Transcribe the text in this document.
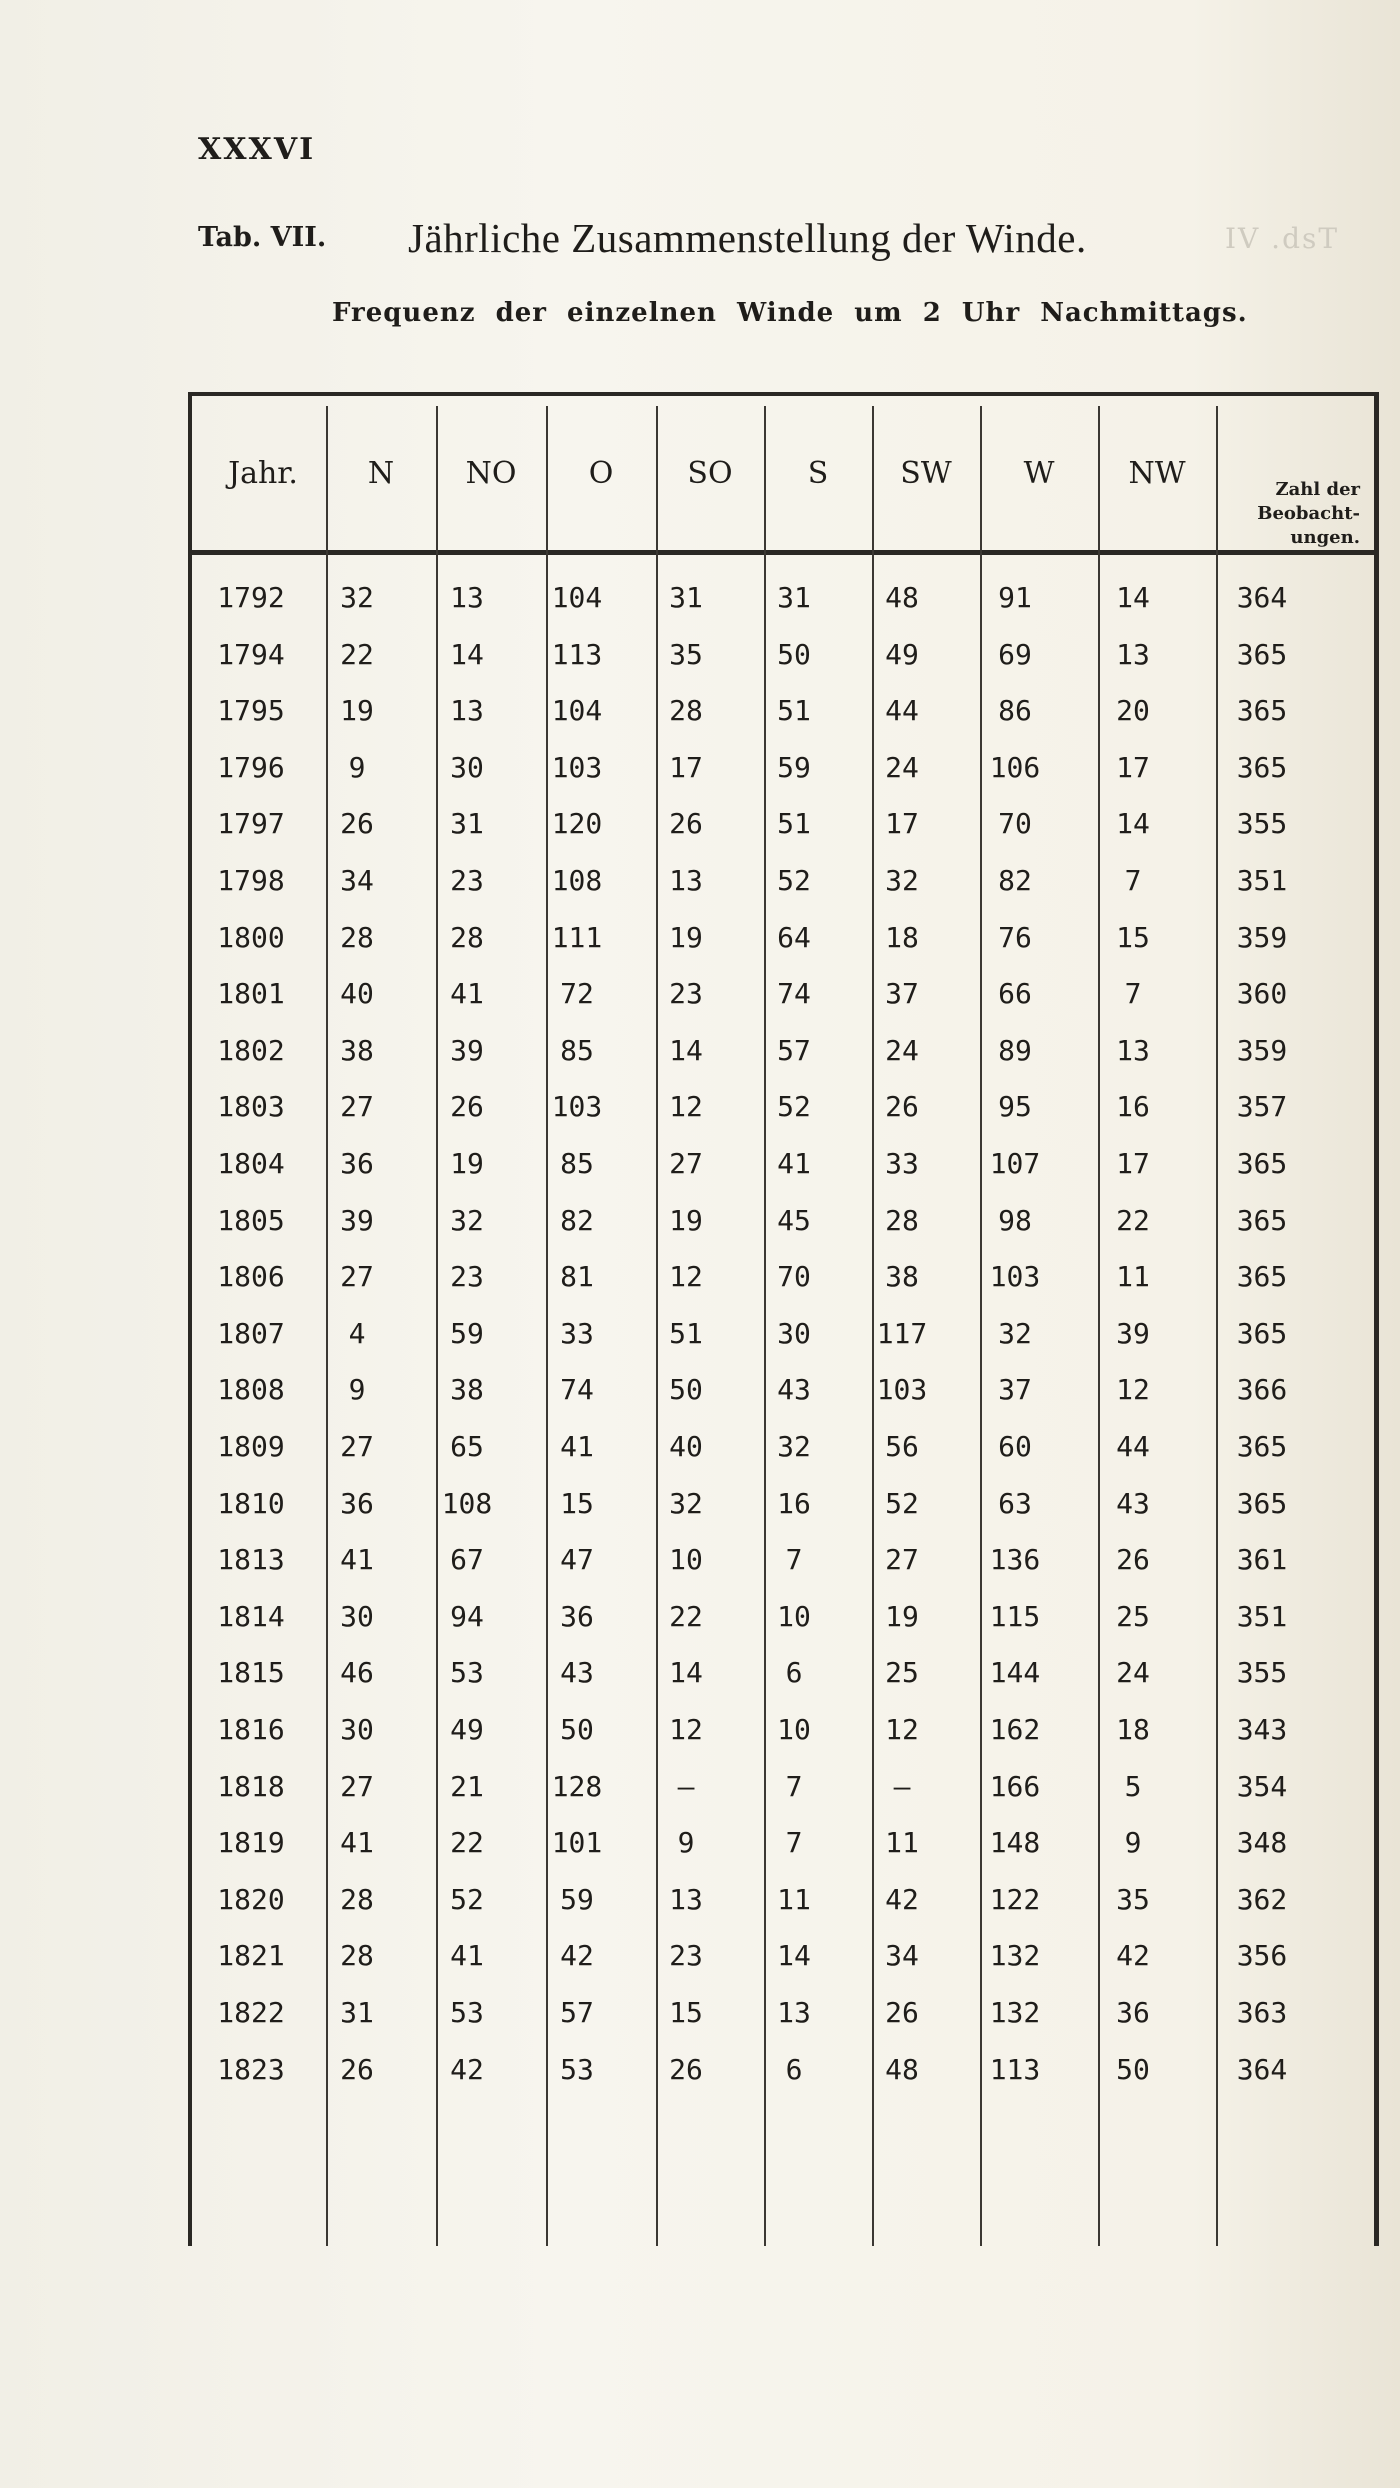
XXXVI
Tab. VII. Jährliche Zusammenstellung der Winde.	IV .dsT
Frequenz der einzelnen Winde um 2 Uhr Nachmittags.
Jahr.	N	NO	O	SO	S	SW	W	NW	Zahl der
Beobacht-
ungen.
1792	32	13	104	31	31	48	91	14	364
1794	22	14	113	35	50	49	69	13	365
1795	19	13	104	28	51	44	86	20	365
1796	9	30	103	17	59	24	106	17	365
1797	26	31	120	26	51	17	70	14	355
1798	34	23	108	13	52	32	82	7	351
1800	28	28	111	19	64	18	76	15	359
1801	40	41	72	23	74	37	66	7	360
1802	38	39	85	14	57	24	89	13	359
1803	27	26	103	12	52	26	95	16	357
1804	36	19	85	27	41	33	107	17	365
1805	39	32	82	19	45	28	98	22	365
1806	27	23	81	12	70	38	103	11	365
1807	4	59	33	51	30	117	32	39	365
1808	9	38	74	50	43	103	37	12	366
1809	27	65	41	40	32	56	60	44	365
1810	36	108	15	32	16	52	63	43	365
1813	41	67	47	10	7	27	136	26	361
1814	30	94	36	22	10	19	115	25	351
1815	46	53	43	14	6	25	144	24	355
1816	30	49	50	12	10	12	162	18	343
1818	27	21	128	—	7	—	166	5	354
1819	41	22	101	9	7	11	148	9	348
1820	28	52	59	13	11	42	122	35	362
1821	28	41	42	23	14	34	132	42	356
1822	31	53	57	15	13	26	132	36	363
1823	26	42	53	26	6	48	113	50	364
